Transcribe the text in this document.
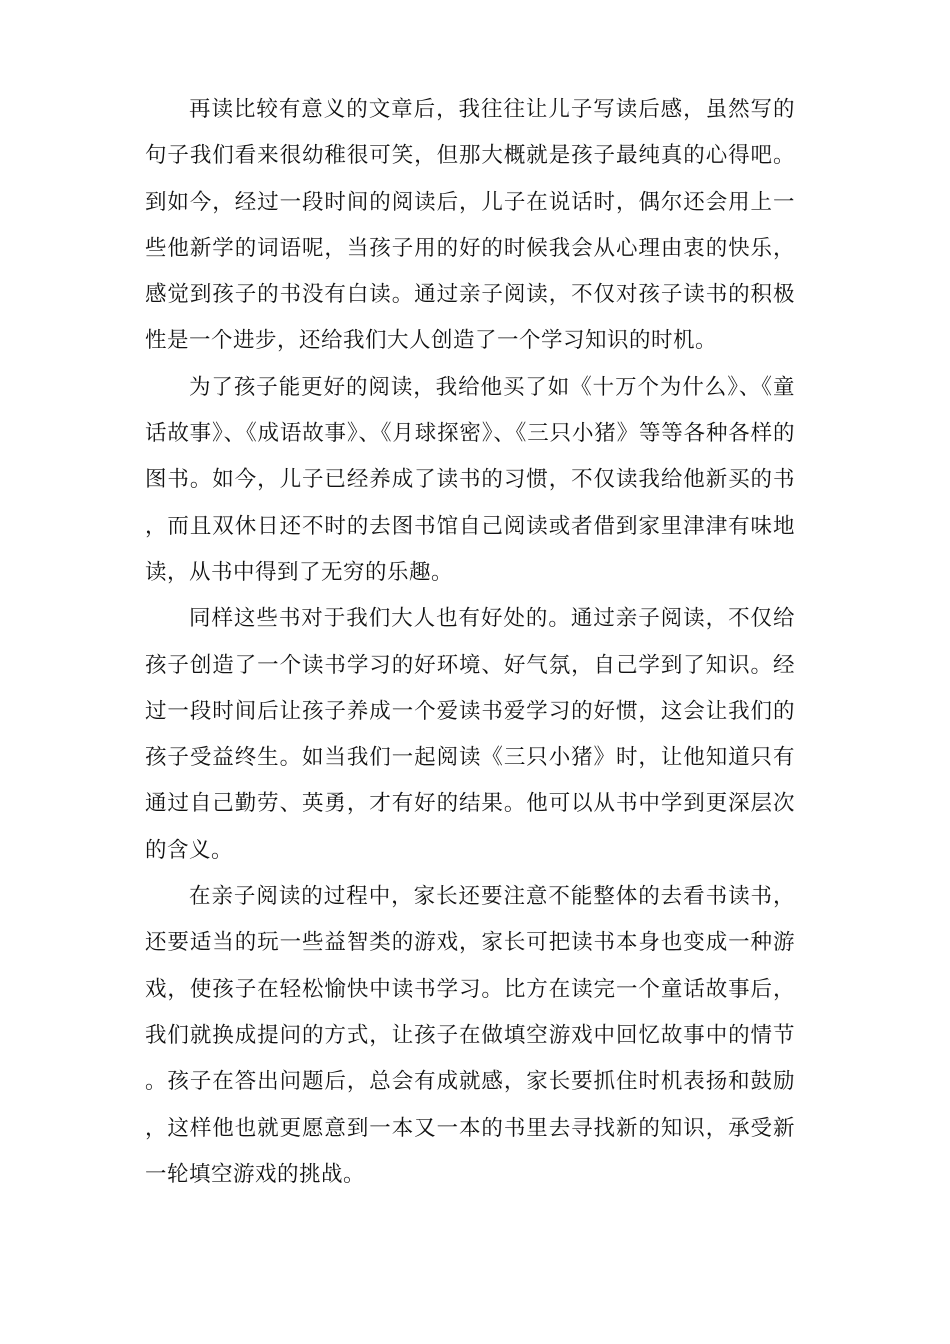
再读比较有意义的文章后，我往往让儿子写读后感，虽然写的句子我们看来很幼稚很可笑，但那大概就是孩子最纯真的心得吧。到如今，经过一段时间的阅读后，儿子在说话时，偶尔还会用上一些他新学的词语呢，当孩子用的好的时候我会从心理由衷的快乐，感觉到孩子的书没有白读。通过亲子阅读，不仅对孩子读书的积极性是一个进步，还给我们大人创造了一个学习知识的时机。

为了孩子能更好的阅读，我给他买了如《十万个为什么》、《童话故事》、《成语故事》、《月球探密》、《三只小猪》等等各种各样的图书。如今，儿子已经养成了读书的习惯，不仅读我给他新买的书，而且双休日还不时的去图书馆自己阅读或者借到家里津津有味地读，从书中得到了无穷的乐趣。

同样这些书对于我们大人也有好处的。通过亲子阅读，不仅给孩子创造了一个读书学习的好环境、好气氛，自己学到了知识。经过一段时间后让孩子养成一个爱读书爱学习的好惯，这会让我们的孩子受益终生。如当我们一起阅读《三只小猪》时，让他知道只有通过自己勤劳、英勇，才有好的结果。他可以从书中学到更深层次的含义。

在亲子阅读的过程中，家长还要注意不能整体的去看书读书，还要适当的玩一些益智类的游戏，家长可把读书本身也变成一种游戏，使孩子在轻松愉快中读书学习。比方在读完一个童话故事后，我们就换成提问的方式，让孩子在做填空游戏中回忆故事中的情节。孩子在答出问题后，总会有成就感，家长要抓住时机表扬和鼓励，这样他也就更愿意到一本又一本的书里去寻找新的知识，承受新一轮填空游戏的挑战。
